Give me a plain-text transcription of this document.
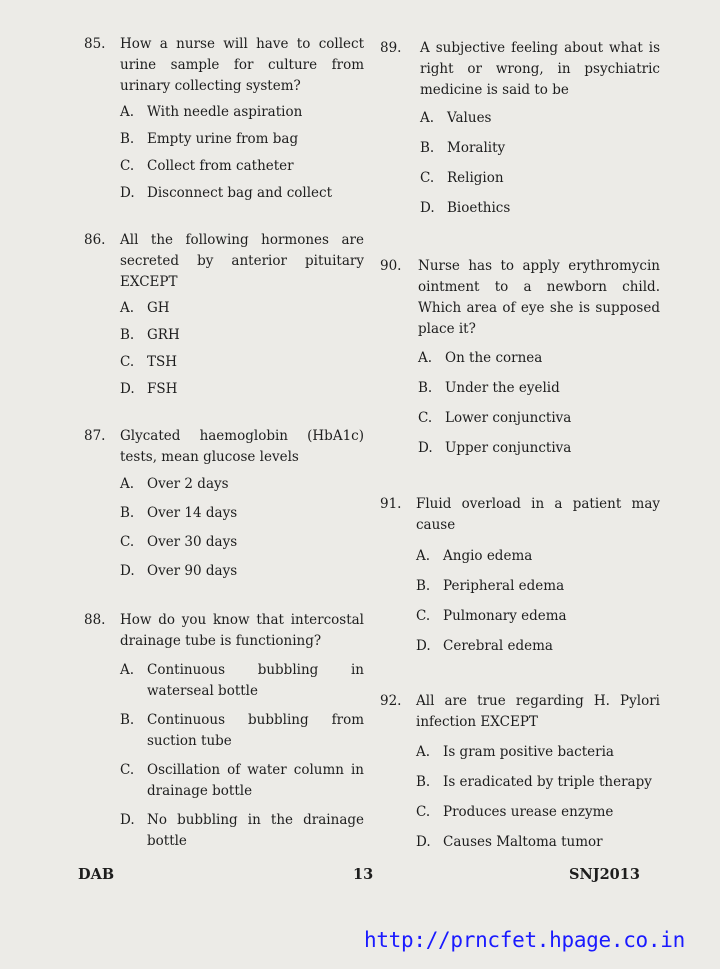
85.	How a nurse will have to collect urine sample for culture from urinary collecting system?
A. With needle aspiration
B. Empty urine from bag
C. Collect from catheter
D. Disconnect bag and collect
86.	All the following hormones are secreted by anterior pituitary EXCEPT
A. GH
B. GRH
C. TSH
D. FSH
87.	Glycated haemoglobin (HbA1c) tests, mean glucose levels
A. Over 2 days
B. Over 14 days
C. Over 30 days
D. Over 90 days
88.	How do you know that intercostal drainage tube is functioning?
A. Continuous bubbling in waterseal bottle
B. Continuous bubbling from suction tube
C. Oscillation of water column in drainage bottle
D. No bubbling in the drainage bottle
89.	A subjective feeling about what is right or wrong, in psychiatric medicine is said to be
A. Values
B. Morality
C. Religion
D. Bioethics
90.	Nurse has to apply erythromycin ointment to a newborn child. Which area of eye she is supposed place it?
A. On the cornea
B. Under the eyelid
C. Lower conjunctiva
D. Upper conjunctiva
91.	Fluid overload in a patient may cause
A. Angio edema
B. Peripheral edema
C. Pulmonary edema
D. Cerebral edema
92.	All are true regarding H. Pylori infection EXCEPT
A. Is gram positive bacteria
B. Is eradicated by triple therapy
C. Produces urease enzyme
D. Causes Maltoma tumor
DAB	13	SNJ2013
http://prncfet.hpage.co.in
